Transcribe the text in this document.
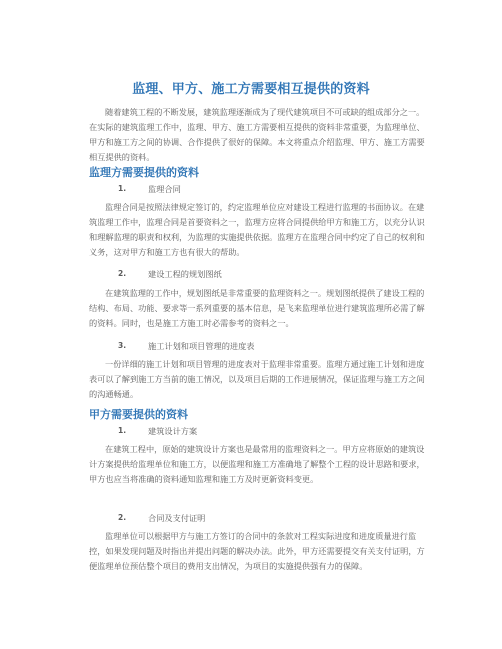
监理、甲方、施工方需要相互提供的资料

随着建筑工程的不断发展，建筑监理逐渐成为了现代建筑项目不可或缺的组成部分之一。在实际的建筑监理工作中，监理、甲方、施工方需要相互提供的资料非常重要，为监理单位、甲方和施工方之间的协调、合作提供了很好的保障。本文将重点介绍监理、甲方、施工方需要相互提供的资料。

监理方需要提供的资料
1.	监理合同

监理合同是按照法律规定签订的，约定监理单位应对建设工程进行监理的书面协议。在建筑监理工作中，监理合同是首要资料之一，监理方应将合同提供给甲方和施工方，以充分认识和理解监理的职责和权利，为监理的实施提供依据。监理方在监理合同中约定了自己的权利和义务，这对甲方和施工方也有很大的帮助。

2.	建设工程的规划图纸

在建筑监理的工作中，规划图纸是非常重要的监理资料之一。规划图纸提供了建设工程的结构、布局、功能、要求等一系列重要的基本信息，是飞来监理单位进行建筑监理所必需了解的资料。同时，也是施工方施工时必需参考的资料之一。

3.	施工计划和项目管理的进度表

一份详细的施工计划和项目管理的进度表对于监理非常重要。监理方通过施工计划和进度表可以了解到施工方当前的施工情况，以及项目后期的工作进展情况，保证监理与施工方之间的沟通畅通。

甲方需要提供的资料
1.	建筑设计方案

在建筑工程中，原始的建筑设计方案也是最常用的监理资料之一。甲方应将原始的建筑设计方案提供给监理单位和施工方，以便监理和施工方准确地了解整个工程的设计思路和要求，甲方也应当将准确的资料通知监理和施工方及时更新资料变更。

2.	合同及支付证明

监理单位可以根据甲方与施工方签订的合同中的条款对工程实际进度和进度质量进行监控，如果发现问题及时指出并提出问题的解决办法。此外，甲方还需要提交有关支付证明，方便监理单位预估整个项目的费用支出情况，为项目的实施提供强有力的保障。
